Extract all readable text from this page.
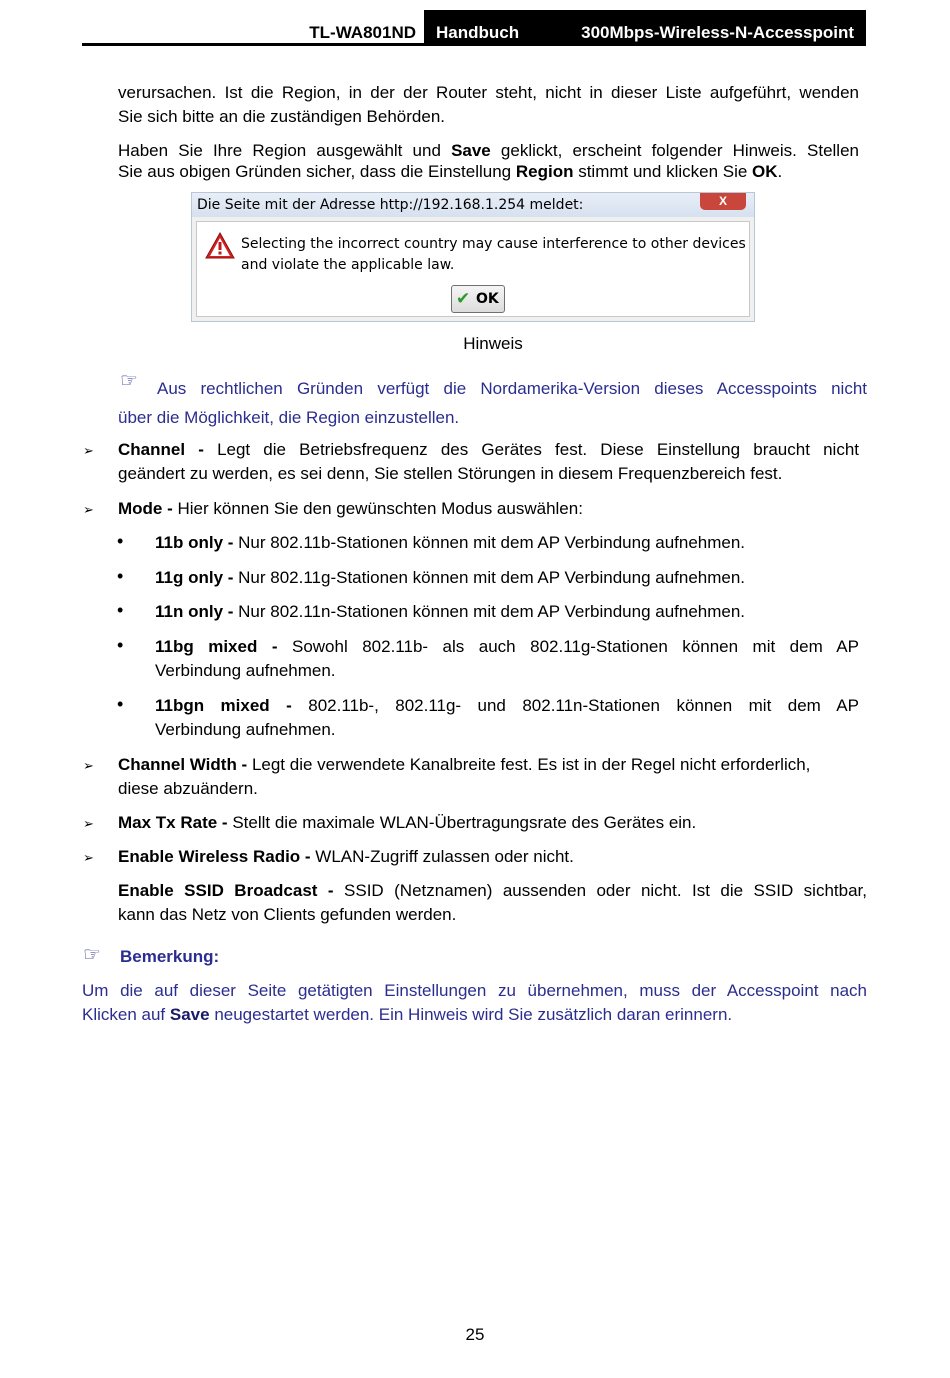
TL-WA801ND Handbuch	300Mbps-Wireless-N-Accesspoint
verursachen. Ist die Region, in der der Router steht, nicht in dieser Liste aufgeführt, wenden
Sie sich bitte an die zuständigen Behörden.
Haben Sie Ihre Region ausgewählt und Save geklickt, erscheint folgender Hinweis. Stellen
Sie aus obigen Gründen sicher, dass die Einstellung Region stimmt und klicken Sie OK.
Die Seite mit der Adresse http://192.168.1.254 meldet:	X
Selecting the incorrect country may cause interference to other devices
and violate the applicable law.
✔ OK
Hinweis
☞	Aus rechtlichen Gründen verfügt die Nordamerika-Version dieses Accesspoints nicht
über die Möglichkeit, die Region einzustellen.
➢ Channel - Legt die Betriebsfrequenz des Gerätes fest. Diese Einstellung braucht nicht
geändert zu werden, es sei denn, Sie stellen Störungen in diesem Frequenzbereich fest.
➢ Mode - Hier können Sie den gewünschten Modus auswählen:
• 11b only - Nur 802.11b-Stationen können mit dem AP Verbindung aufnehmen.
• 11g only - Nur 802.11g-Stationen können mit dem AP Verbindung aufnehmen.
• 11n only - Nur 802.11n-Stationen können mit dem AP Verbindung aufnehmen.
• 11bg mixed - Sowohl 802.11b- als auch 802.11g-Stationen können mit dem AP
Verbindung aufnehmen.
• 11bgn mixed - 802.11b-, 802.11g- und 802.11n-Stationen können mit dem AP
Verbindung aufnehmen.
➢ Channel Width - Legt die verwendete Kanalbreite fest. Es ist in der Regel nicht erforderlich,
diese abzuändern.
➢ Max Tx Rate - Stellt die maximale WLAN-Übertragungsrate des Gerätes ein.
➢ Enable Wireless Radio - WLAN-Zugriff zulassen oder nicht.
Enable SSID Broadcast - SSID (Netznamen) aussenden oder nicht. Ist die SSID sichtbar,
kann das Netz von Clients gefunden werden.
☞ Bemerkung:
Um die auf dieser Seite getätigten Einstellungen zu übernehmen, muss der Accesspoint nach
Klicken auf Save neugestartet werden. Ein Hinweis wird Sie zusätzlich daran erinnern.
25
